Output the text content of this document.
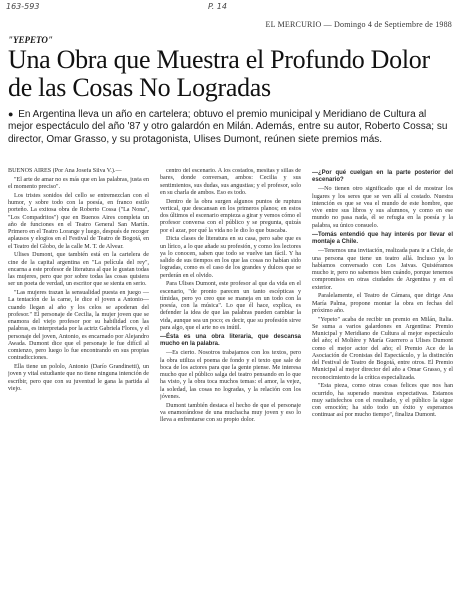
163-593	P. 14
EL MERCURIO — Domingo 4 de Septiembre de 1988
"YEPETO"
Una Obra que Muestra el Profundo Dolor de las Cosas No Logradas
● En Argentina lleva un año en cartelera; obtuvo el premio municipal y Meridiano de Cultura al mejor espectáculo del año '87 y otro galardón en Milán. Además, entre su autor, Roberto Cossa; su director, Omar Grasso, y su protagonista, Ulises Dumont, reúnen siete premios más.

BUENOS AIRES (Por Ana Josefa Silva V.).—

"El arte de amar no es más que en las palabras, justa en el momento preciso".

Los tristes sonidos del cello se entremezclan con el humor, y sobre todo con la poesía, en franco estilo porteño. La exitosa obra de Roberto Cossa ("La Nona", "Los Compadritos") que en Buenos Aires completa un año de funciones en el Teatro General San Martín. Primero en el Teatro Lorange y luego, después de recoger aplausos y elogios en el Festival de Teatro de Bogotá, en el Teatro del Globo, de la calle M. T. de Alvear.

Ulises Dumont, que también está en la cartelera de cine de la capital argentina en "La película del rey", encarna a este profesor de literatura al que le gustan todas las mujeres, pero que por sobre todas las cosas quisiera ser un poeta de verdad, un escritor que se sienta en serio.

"Las mujeres trazan la sensualidad puesta en juego —La tentación de la carne, le dice el joven a Antonio— cuando llegan al año y los celos se apoderan del profesor." El personaje de Cecilia, la mujer joven que se enamora del viejo profesor por su habilidad con las palabras, es interpretada por la actriz Gabriela Flores, y el personaje del joven, Antonio, es encarnado por Alejandro Awada. Dumont dice que el personaje le fue difícil al comienzo, pero luego lo fue encontrando en sus propias contradicciones.

Ella tiene un pololo, Antonio (Darío Grandinetti), un joven y vital estudiante que no tiene ninguna intención de escribir, pero que con su juventud le gana la partida al viejo.

centro del escenario. A los costados, mesitas y sillas de bares, donde conversan, ambos: Cecilia y sus sentimientos, sus dudas, sus angustias; y el profesor, solo en su charla de ambos. Eso es todo.

Dentro de la obra surgen algunos puntos de ruptura vertical, que descansan en los primeros planos; en estos dos últimos el escenario empieza a girar y vemos cómo el profesor conversa con el público y se pregunta, quizás por el azar, por qué la vida no le dio lo que buscaba.

Dicta clases de literatura en su casa, pero sabe que es un lírico, a lo que añade su profesión, y como los lectores ya lo conocen, saben que todo se vuelve tan fácil. Y ha salido de sus tiempos en los que las cosas no habían sido logradas, como es el caso de los grandes y dulces que se perderán en el olvido.

Para Ulises Dumont, este profesor al que da vida en el escenario, "de pronto parecen un tanto escépticas y tímidas, pero yo creo que se maneja en un todo con la poesía, con la música". Lo que él hace, explica, es defender la idea de que las palabras pueden cambiar la vida, aunque sea un poco; es decir, que su profesión sirve para algo, que el arte no es inútil.

— Ésta es una obra literaria, que descansa mucho en la palabra.

—Es cierto. Nosotros trabajamos con los textos, pero la obra utiliza el poema de fondo y el texto que sale de boca de los actores para que la gente piense. Me interesa mucho que el público salga del teatro pensando en lo que ha visto, y la obra toca muchos temas: el amor, la vejez, la soledad, las cosas no logradas, y la relación con los jóvenes.

Dumont también destaca el hecho de que el personaje va enamorándose de una muchacha muy joven y eso lo lleva a enfrentarse con su propio dolor.

— ¿Por qué cuelgan en la parte posterior del escenario?

—No tienen otro significado que el de mostrar los lugares y los seres que se ven allí al costado. Nuestra intención es que se vea el mundo de este hombre, que vive entre sus libros y sus alumnos, y como en ese mundo no pasa nada, él se refugia en la poesía y la palabra, su único consuelo.

— Tomás entendió que hay interés por llevar el montaje a Chile.

—Tenemos una invitación, realizada para ir a Chile, de una persona que tiene un teatro allá. Incluso ya lo habíamos conversado con Los Jaivas. Quisiéramos mucho ir, pero no sabemos bien cuándo, porque tenemos compromisos en otras ciudades de Argentina y en el exterior.

Paralelamente, el Teatro de Cámara, que dirige Ana María Palma, propone montar la obra en fechas del próximo año.

"Yepeto" acaba de recibir un premio en Milán, Italia. Se suma a varios galardones en Argentina: Premio Municipal y Meridiano de Cultura al mejor espectáculo del año; el Molière y María Guerrero a Ulises Dumont como el mejor actor del año; el Premio Ace de la Asociación de Cronistas del Espectáculo, y la distinción del Festival de Teatro de Bogotá, entre otros. El Premio Municipal al mejor director del año a Omar Grasso, y el reconocimiento de la crítica especializada.

"Esta pieza, como otras cosas felices que nos han ocurrido, ha superado nuestras expectativas. Estamos muy satisfechos con el resultado, y el público la sigue con emoción; ha sido todo un éxito y esperamos continuar así por mucho tiempo", finaliza Dumont.
